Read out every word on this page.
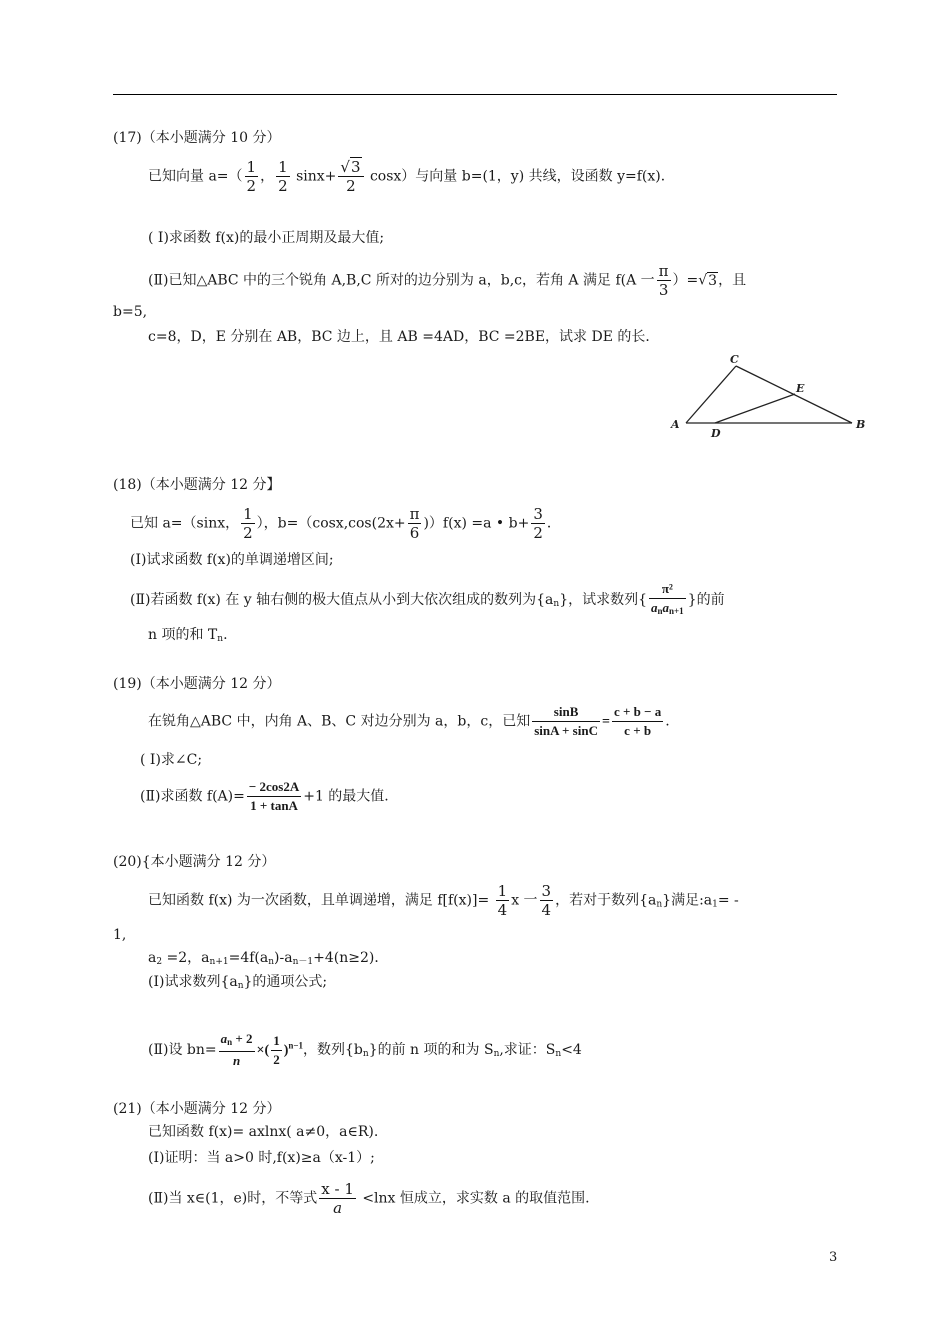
(17)（本小题满分 10 分）
已知向量 $a=( \frac{1}{2}$ ， $\frac{1}{2} \sin x+ \frac{√3}{2} \cos x$）与向量 b=(1，y) 共线，设函数 y=f(x)．
( Ⅰ)求函数 f(x)的最小正周期及最大值;
(Ⅱ)已知△ABC 中的三个锐角 A,B,C 所对的边分别为 a，b,c，若角 A 满足 f(A 一 $\frac{\pi}{3} )=√3$，且
b=5,
c=8，D，E 分别在 AB，BC 边上，且 AB =4AD，BC =2BE，试求 DE 的长．
A	B
C
D
E
(18)（本小题满分 12 分】
已知 a=（sinx， $\frac{1}{2}$ ），$b=(\cos x,\cos(2x+ \frac{\pi}{6} ))f(x) =a$ • $b+ \frac{3}{2}$ ．
(Ⅰ)试求函数 f(x)的单调递增区间;
(Ⅱ)若函数 f(x) 在 y 轴右侧的极大值点从小到大依次组成的数列为$\{a_n\}$，试求数列{ $\frac{\text{π²}}{a_na_{n+1}}$ }的前
n 项的和 $T_n$.
(19)（本小题满分 12 分）
在锐角△ABC 中，内角 A、B、C 对边分别为 a，b，c，已知 $\frac{\sin B}{\sin A + \sin C} = \frac{c + b - a}{c + b}$ .
( Ⅰ)求∠C;
(Ⅱ)求函数 $f(A)= \frac{- 2\cos 2A}{1 + \tan A} +1$ 的最大值.
(20){本小题满分 12 分）
已知函数 f(x) 为一次函数，且单调递增，满足 $f[f(x)]= \frac{1}{4}$ x 一 $\frac{3}{4}$ ，若对于数列$\{a_n\}$满足$:a_1=$ -
1,
$a_2 =2$，$a_{n+1}=4f(a_n)-a_{n-1}+4(n\ge 2)$．
(Ⅰ)试求数列$\{a_n\}$的通项公式;
(Ⅱ)设 $bn= \frac{a_n + 2}{n}$ ×( $\frac{1}{2} )^{n-1}$，数列$\{b_n\}$的前 n 项的和为 $S_n$,求证：$S_n<4$
(21)（本小题满分 12 分）
已知函数 f(x)= axlnx( a≠0，a∈R).
(Ⅰ)证明：当 a>0 时,f(x)≥a（x-1）;
(Ⅱ)当 x∈(1，e)时，不等式 $\frac{x - 1}{a} <\ln x$ 恒成立，求实数 a 的取值范围.
3
